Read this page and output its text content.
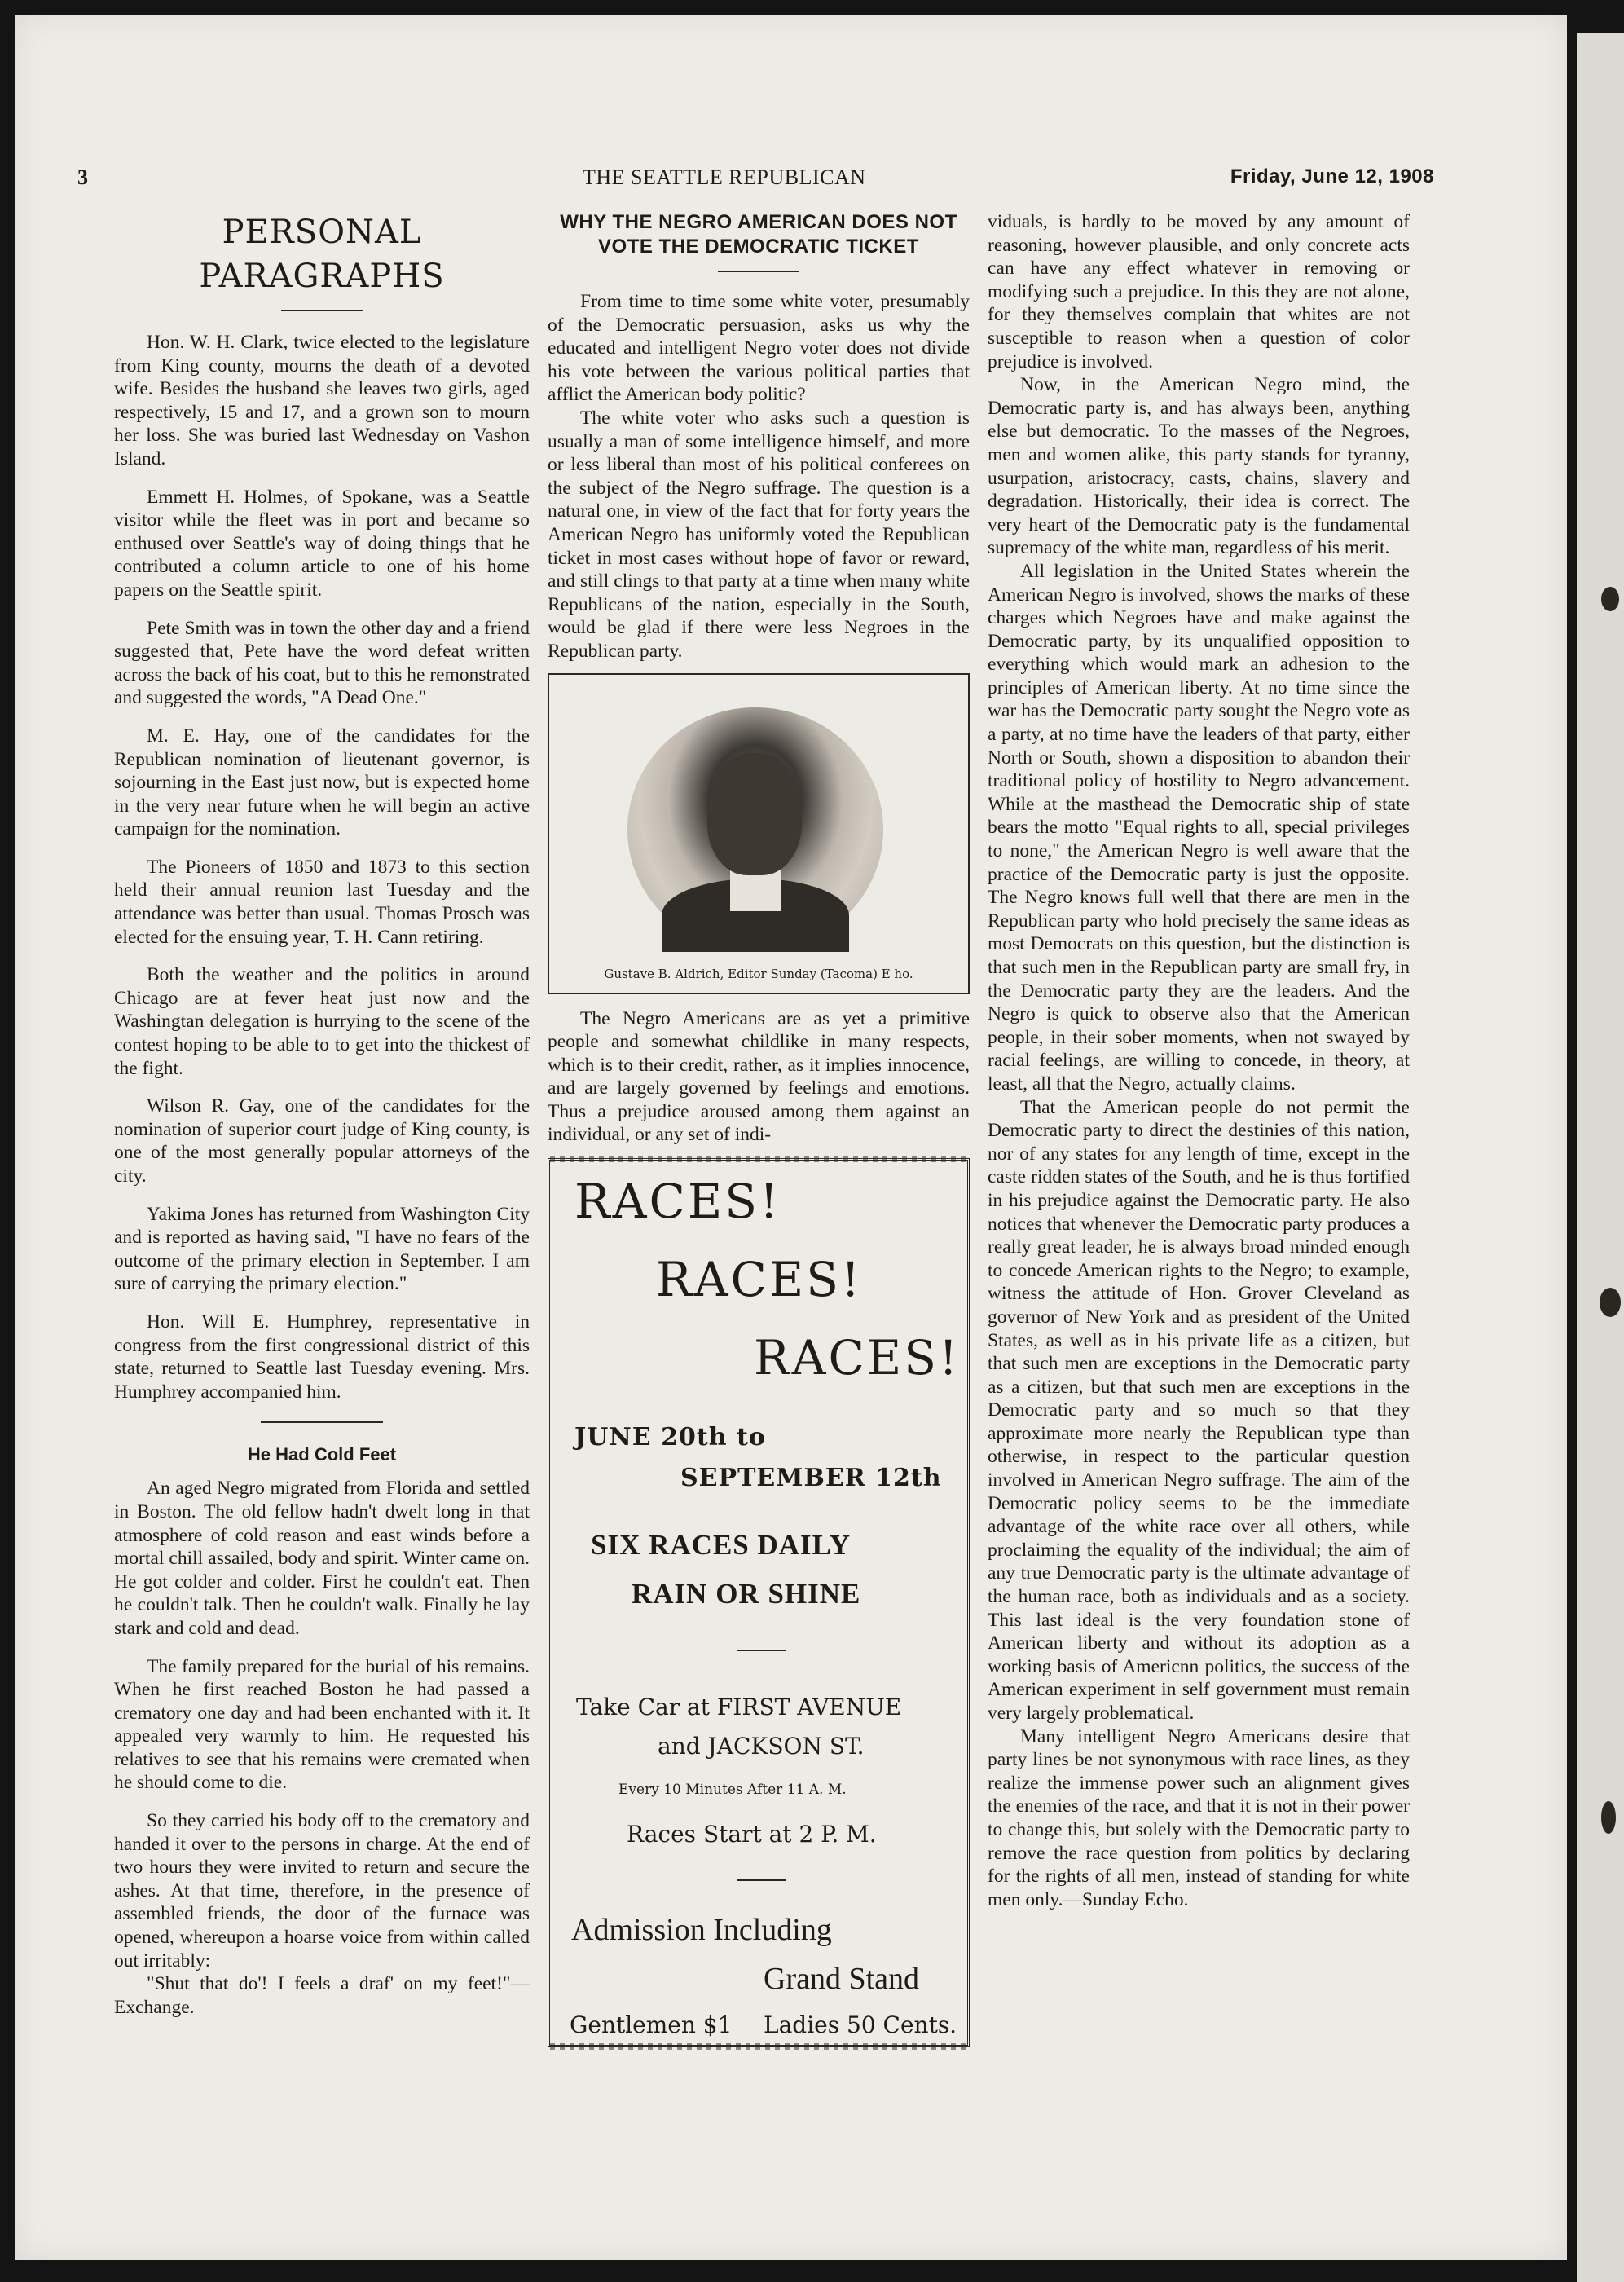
3	THE SEATTLE REPUBLICAN	Friday, June 12, 1908
PERSONAL PARAGRAPHS

Hon. W. H. Clark, twice elected to the legislature from King county, mourns the death of a devoted wife. Besides the husband she leaves two girls, aged respectively, 15 and 17, and a grown son to mourn her loss. She was buried last Wednesday on Vashon Island.

Emmett H. Holmes, of Spokane, was a Seattle visitor while the fleet was in port and became so enthused over Seattle's way of doing things that he contributed a column article to one of his home papers on the Seattle spirit.

Pete Smith was in town the other day and a friend suggested that, Pete have the word defeat written across the back of his coat, but to this he remonstrated and suggested the words, "A Dead One."

M. E. Hay, one of the candidates for the Republican nomination of lieutenant governor, is sojourning in the East just now, but is expected home in the very near future when he will begin an active campaign for the nomination.

The Pioneers of 1850 and 1873 to this section held their annual reunion last Tuesday and the attendance was better than usual. Thomas Prosch was elected for the ensuing year, T. H. Cann retiring.

Both the weather and the politics in around Chicago are at fever heat just now and the Washingtan delegation is hurrying to the scene of the contest hoping to be able to to get into the thickest of the fight.

Wilson R. Gay, one of the candidates for the nomination of superior court judge of King county, is one of the most generally popular attorneys of the city.

Yakima Jones has returned from Washington City and is reported as having said, "I have no fears of the outcome of the primary election in September. I am sure of carrying the primary election."

Hon. Will E. Humphrey, representative in congress from the first congressional district of this state, returned to Seattle last Tuesday evening. Mrs. Humphrey accompanied him.

He Had Cold Feet

An aged Negro migrated from Florida and settled in Boston. The old fellow hadn't dwelt long in that atmosphere of cold reason and east winds before a mortal chill assailed, body and spirit. Winter came on. He got colder and colder. First he couldn't eat. Then he couldn't talk. Then he couldn't walk. Finally he lay stark and cold and dead.

The family prepared for the burial of his remains. When he first reached Boston he had passed a crematory one day and had been enchanted with it. It appealed very warmly to him. He requested his relatives to see that his remains were cremated when he should come to die.

So they carried his body off to the crematory and handed it over to the persons in charge. At the end of two hours they were invited to return and secure the ashes. At that time, therefore, in the presence of assembled friends, the door of the furnace was opened, whereupon a hoarse voice from within called out irritably:

"Shut that do'! I feels a draf' on my feet!"—Exchange.

WHY THE NEGRO AMERICAN DOES NOT
VOTE THE DEMOCRATIC TICKET

From time to time some white voter, presumably of the Democratic persuasion, asks us why the educated and intelligent Negro voter does not divide his vote between the various political parties that afflict the American body politic?

The white voter who asks such a question is usually a man of some intelligence himself, and more or less liberal than most of his political conferees on the subject of the Negro suffrage. The question is a natural one, in view of the fact that for forty years the American Negro has uniformly voted the Republican ticket in most cases without hope of favor or reward, and still clings to that party at a time when many white Republicans of the nation, especially in the South, would be glad if there were less Negroes in the Republican party.

Gustave B. Aldrich, Editor Sunday (Tacoma) E ho.

The Negro Americans are as yet a primitive people and somewhat childlike in many respects, which is to their credit, rather, as it implies innocence, and are largely governed by feelings and emotions. Thus a prejudice aroused among them against an individual, or any set of indi-

RACES!
RACES!
RACES!
JUNE 20th to
SEPTEMBER 12th
SIX RACES DAILY
RAIN OR SHINE
Take Car at FIRST AVENUE
and JACKSON ST.
Every 10 Minutes After 11 A. M.
Races Start at 2 P. M.
Admission Including
Grand Stand
Gentlemen $1 Ladies 50 Cents.

viduals, is hardly to be moved by any amount of reasoning, however plausible, and only concrete acts can have any effect whatever in removing or modifying such a prejudice. In this they are not alone, for they themselves complain that whites are not susceptible to reason when a question of color prejudice is involved.

Now, in the American Negro mind, the Democratic party is, and has always been, anything else but democratic. To the masses of the Negroes, men and women alike, this party stands for tyranny, usurpation, aristocracy, casts, chains, slavery and degradation. Historically, their idea is correct. The very heart of the Democratic paty is the fundamental supremacy of the white man, regardless of his merit.

All legislation in the United States wherein the American Negro is involved, shows the marks of these charges which Negroes have and make against the Democratic party, by its unqualified opposition to everything which would mark an adhesion to the principles of American liberty. At no time since the war has the Democratic party sought the Negro vote as a party, at no time have the leaders of that party, either North or South, shown a disposition to abandon their traditional policy of hostility to Negro advancement. While at the masthead the Democratic ship of state bears the motto "Equal rights to all, special privileges to none," the American Negro is well aware that the practice of the Democratic party is just the opposite. The Negro knows full well that there are men in the Republican party who hold precisely the same ideas as most Democrats on this question, but the distinction is that such men in the Republican party are small fry, in the Democratic party they are the leaders. And the Negro is quick to observe also that the American people, in their sober moments, when not swayed by racial feelings, are willing to concede, in theory, at least, all that the Negro, actually claims.

That the American people do not permit the Democratic party to direct the destinies of this nation, nor of any states for any length of time, except in the caste ridden states of the South, and he is thus fortified in his prejudice against the Democratic party. He also notices that whenever the Democratic party produces a really great leader, he is always broad minded enough to concede American rights to the Negro; to example, witness the attitude of Hon. Grover Cleveland as governor of New York and as president of the United States, as well as in his private life as a citizen, but that such men are exceptions in the Democratic party as a citizen, but that such men are exceptions in the Democratic party and so much so that they approximate more nearly the Republican type than otherwise, in respect to the particular question involved in American Negro suffrage. The aim of the Democratic policy seems to be the immediate advantage of the white race over all others, while proclaiming the equality of the individual; the aim of any true Democratic party is the ultimate advantage of the human race, both as individuals and as a society. This last ideal is the very foundation stone of American liberty and without its adoption as a working basis of Americnn politics, the success of the American experiment in self government must remain very largely problematical.

Many intelligent Negro Americans desire that party lines be not synonymous with race lines, as they realize the immense power such an alignment gives the enemies of the race, and that it is not in their power to change this, but solely with the Democratic party to remove the race question from politics by declaring for the rights of all men, instead of standing for white men only.—Sunday Echo.
